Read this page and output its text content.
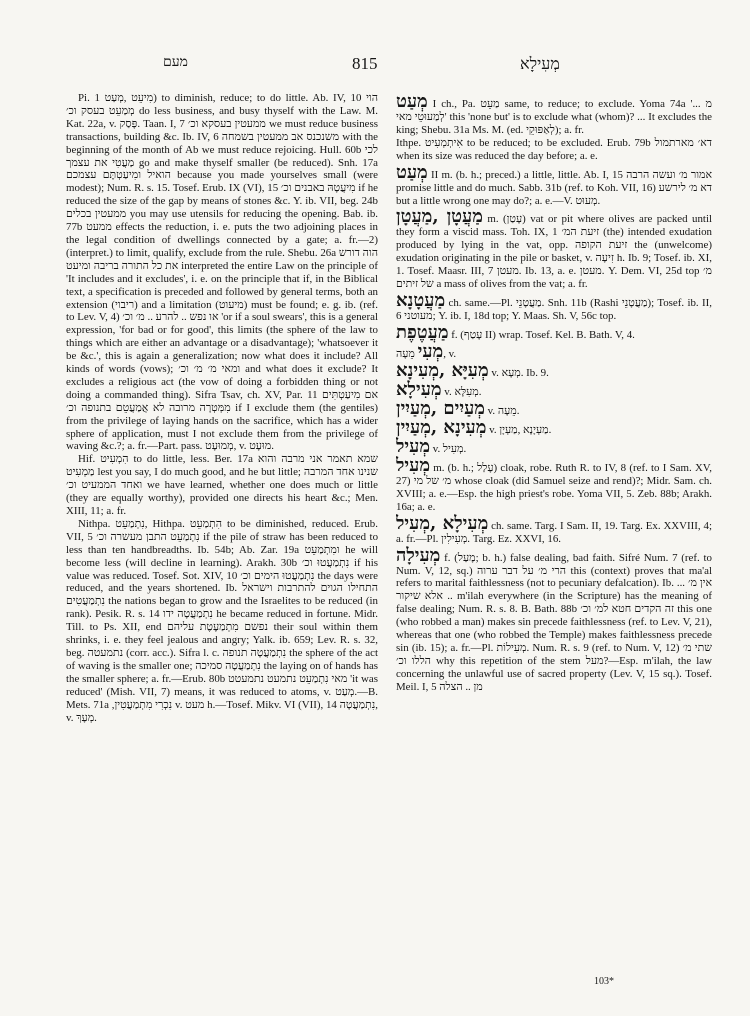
מעם	815	מְעִילָא

Pi. מִיעֵט ,מְעַט 1) to diminish, reduce; to do little. Ab. IV, 10 הוי מְמַעֵט בעסק וכ׳ do less business, and busy thyself with the Law. M. Kat. 22a, v. פָּסַק. Taan. I, 7 ממעטין בעסקא וכ׳ we must reduce business transactions, building &c. Ib. IV, 6 משנכנס אב ממעטין בשמחה with the beginning of the month of Ab we must reduce rejoicing. Hull. 60b לכי מַעֲטִי את עצמך go and make thyself smaller (be reduced). Snh. 17a הואיל ומִיעַטְתֶּם עצמכם because you made yourselves small (were modest); Num. R. s. 15. Tosef. Erub. IX (VI), 15 מִיעֲטָהּ באבנים וכ׳ if he reduced the size of the gap by means of stones &c. Y. ib. VII, beg. 24b ממעטין בכלים you may use utensils for reducing the opening. Bab. ib. 77b ממעט effects the reduction, i. e. puts the two adjoining places in the legal condition of dwellings connected by a gate; a. fr.—2) (interpret.) to limit, qualify, exclude from the rule. Shebu. 26a הוה דורש את כל התורה בריבה ומיעט interpreted the entire Law on the principle of 'It includes and it excludes', i. e. on the principle that if, in the Biblical text, a specification is preceded and followed by general terms, both an extension (ריבוי) and a limitation (מיעוט) must be found; e. g. ib. (ref. to Lev. V, 4) או נפש .. להרע .. מ׳ וכ׳ 'or if a soul swears', this is a general expression, 'for bad or for good', this limits (the sphere of the law to things which are either an advantage or a disadvantage); 'whatsoever it be &c.', this is again a generalization; now what does it include? All kinds of words (vows); ומאי מ׳ מ׳ וכ׳ and what does it exclude? It excludes a religious act (the vow of doing a forbidden thing or not doing a commanded thing). Sifra Tsav, ch. XV, Par. 11 אם מִיעַטְתִּים מִמְּטְרָה מרובה לא אֲמַעֲטֵם בתנופה וכ׳ if I exclude them (the gentiles) from the privilege of laying hands on the sacrifice, which has a wider sphere of application, must I not exclude them from the privilege of waving &c.?; a. fr.—Part. pass. מְמוּעָט, v. מוּעָט.

Hif. הִמְעִיט to do little, less. Ber. 17a שמא תאמר אני מרבה והוא מַמְעִיט lest you say, I do much good, and he but little; שנינו אחד המרבה ואחד הממעיט וכ׳ we have learned, whether one does much or little (they are equally worthy), provided one directs his heart &c.; Men. XIII, 11; a. fr.

Nithpa. נִתְמַעֵט, Hithpa. הִתְמַעֵט to be diminished, reduced. Erub. VII, 5 נִתְמַעֵט התבן מעשרה וכ׳ if the pile of straw has been reduced to less than ten handbreadths. Ib. 54b; Ab. Zar. 19a ומִתְמַעֵט he will become less (will decline in learning). Arakh. 30b נִתְמַעֲטוּ וכ׳ if his value was reduced. Tosef. Sot. XIV, 10 נִתְמַעֲטוּ הימים וכ׳ the days were reduced, and the years shortened. Ib. התחילו הגוים להתרבות וישראל נִתְמַעֲטִים the nations began to grow and the Israelites to be reduced (in rank). Pesik. R. s. 14 נִתְמַעֲטָה ידו he became reduced in fortune. Midr. Till. to Ps. XII, end נפשם מִתְמַעֶטֶת עליהם their soul within them shrinks, i. e. they feel jealous and angry; Yalk. ib. 659; Lev. R. s. 32, beg. נתמעטה (corr. acc.). Sifra l. c. נִתְמַעֲטָה תנופה the sphere of the act of waving is the smaller one; נִתְמַעֲטָה סמיכה the laying on of hands has the smaller sphere; a. fr.—Erub. 80b מאי נִתְמַעֵט נתמעט נתמעטט 'it was reduced' (Mish. VII, 7) means, it was reduced to atoms, v. מְעַט.—B. Mets. 71a ,נִכְרִי מִתְמַעֲטִין v. מעט h.—Tosef. Mikv. VI (VII), 14 נִתְמַעֲטָה, v. מְעָךְ.

מְעַט I ch., Pa. מַעֵט same, to reduce; to exclude. Yoma 74a 'מ ... לְמַעוּטֵי מאי' this 'none but' is to exclude what (whom)? ... It excludes the king; Shebu. 31a Ms. M. (ed. לְאַפּוּקֵי); a. fr.

Ithpe. אִיתְמְעִיט to be reduced; to be excluded. Erub. 79b דא׳ מארתמול when its size was reduced the day before; a. e.

מְעַט II m. (b. h.; preced.) a little, little. Ab. I, 15 אמור מ׳ ועשה הרבה promise little and do much. Sabb. 31b (ref. to Koh. VII, 16) דא מ׳ לירשע but a little wrong one may do?; a. e.—V. מְעוּט.

מַעֲטָן ,מַעֲטָן m. (עָטַן) vat or pit where olives are packed until they form a viscid mass. Toh. IX, 1 זיעת המ׳ (the) intended exudation produced by lying in the vat, opp. זיעת הקופה the (unwelcome) exudation originating in the pile or basket, v. זִיעָה h. Ib. 9; Tosef. ib. XI, 1. Tosef. Maasr. III, 7 מעטן. Ib. 13, a. e. מעטן. Y. Dem. VI, 25d top מ׳ של זיתים a mass of olives from the vat; a. fr.

מַעֲטָנָא ch. same.—Pl. מַעֲטָנֵי. Snh. 11b (Rashi מַעֲטָנֵי); Tosef. ib. II, 6 מעוטני; Y. ib. I, 18d top; Y. Maas. Sh. V, 56c top.

מַעֲטֶפֶת f. (עָטַף II) wrap. Tosef. Kel. B. Bath. V, 4.

מְעִי מֵעָה, v.

מְעִיָּא ,מְעִינָא v. מְעָא. Ib. 9.

מְעִילָא v. מְעִלָּא.

מְעַיִים ,מְעַיִין v. מֵעָה.

מְעִינָא ,מְעַיִין v. מַעְיָנָא ,מַעְיָן.

מְעִיל v. מְעִיל.

מְעִיל m. (b. h.; עָלַל) cloak, robe. Ruth R. to IV, 8 (ref. to I Sam. XV, 27) מ׳ של מי whose cloak (did Samuel seize and rend)?; Midr. Sam. ch. XVIII; a. e.—Esp. the high priest's robe. Yoma VII, 5. Zeb. 88b; Arakh. 16a; a. e.

מְעִילָא ,מְעִיל ch. same. Targ. I Sam. II, 19. Targ. Ex. XXVIII, 4; a. fr.—Pl. מְעִילִין. Targ. Ez. XXVI, 16.

מְעִילָה f. (מָעַל; b. h.) false dealing, bad faith. Sifré Num. 7 (ref. to Num. V, 12, sq.) הרי מ׳ על דבר ערוה this (context) proves that ma'al refers to marital faithlessness (not to pecuniary defalcation). Ib. ... אין מ׳ אלא שיקור .. m'ilah everywhere (in the Scripture) has the meaning of false dealing; Num. R. s. 8. B. Bath. 88b זה הקדים חטא למ׳ וכ׳ this one (who robbed a man) makes sin precede faithlessness (ref. to Lev. V, 21), whereas that one (who robbed the Temple) makes faithlessness precede sin (ib. 15); a. fr.—Pl. מְעִילוֹת. Num. R. s. 9 (ref. to Num. V, 12) שתי מ׳ הללו וכ׳ why this repetition of the stem מעל?—Esp. m'ilah, the law concerning the unlawful use of sacred property (Lev. V, 15 sq.). Tosef. Meil. I, 5 מן .. הצלה

103*
